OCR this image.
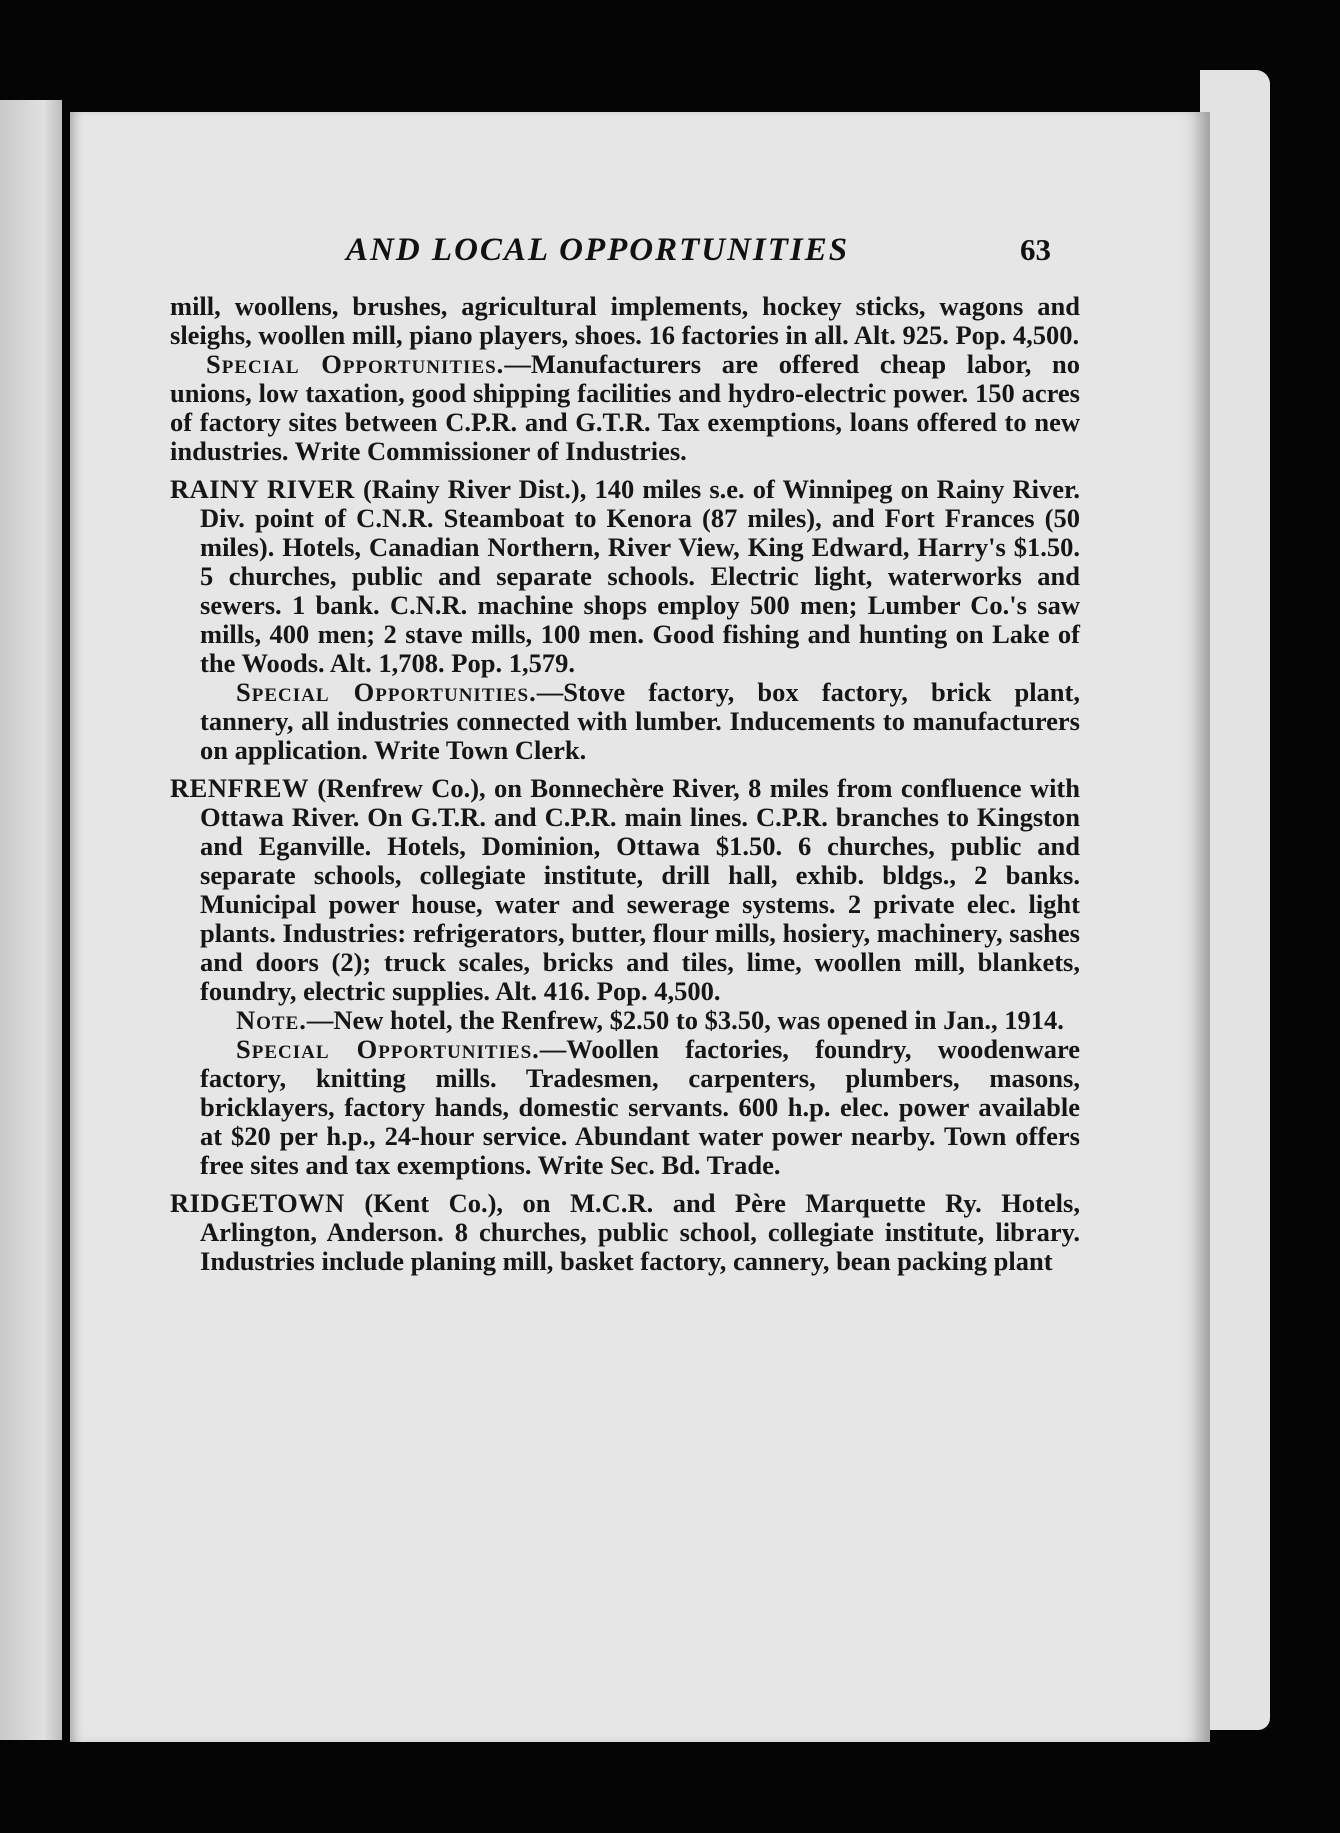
AND LOCAL OPPORTUNITIES	63

mill, woollens, brushes, agricultural implements, hockey sticks, wagons and sleighs, woollen mill, piano players, shoes. 16 factories in all. Alt. 925. Pop. 4,500.

Special Opportunities.—Manufacturers are offered cheap labor, no unions, low taxation, good shipping facilities and hydro-electric power. 150 acres of factory sites between C.P.R. and G.T.R. Tax exemptions, loans offered to new industries. Write Commissioner of Industries.

RAINY RIVER (Rainy River Dist.), 140 miles s.e. of Winnipeg on Rainy River. Div. point of C.N.R. Steamboat to Kenora (87 miles), and Fort Frances (50 miles). Hotels, Canadian Northern, River View, King Edward, Harry's $1.50. 5 churches, public and separate schools. Electric light, waterworks and sewers. 1 bank. C.N.R. machine shops employ 500 men; Lumber Co.'s saw mills, 400 men; 2 stave mills, 100 men. Good fishing and hunting on Lake of the Woods. Alt. 1,708. Pop. 1,579.

Special Opportunities.—Stove factory, box factory, brick plant, tannery, all industries connected with lumber. Inducements to manufacturers on application. Write Town Clerk.

RENFREW (Renfrew Co.), on Bonnechère River, 8 miles from confluence with Ottawa River. On G.T.R. and C.P.R. main lines. C.P.R. branches to Kingston and Eganville. Hotels, Dominion, Ottawa $1.50. 6 churches, public and separate schools, collegiate institute, drill hall, exhib. bldgs., 2 banks. Municipal power house, water and sewerage systems. 2 private elec. light plants. Industries: refrigerators, butter, flour mills, hosiery, machinery, sashes and doors (2); truck scales, bricks and tiles, lime, woollen mill, blankets, foundry, electric supplies. Alt. 416. Pop. 4,500.

Note.—New hotel, the Renfrew, $2.50 to $3.50, was opened in Jan., 1914.

Special Opportunities.—Woollen factories, foundry, woodenware factory, knitting mills. Tradesmen, carpenters, plumbers, masons, bricklayers, factory hands, domestic servants. 600 h.p. elec. power available at $20 per h.p., 24-hour service. Abundant water power nearby. Town offers free sites and tax exemptions. Write Sec. Bd. Trade.

RIDGETOWN (Kent Co.), on M.C.R. and Père Marquette Ry. Hotels, Arlington, Anderson. 8 churches, public school, collegiate institute, library. Industries include planing mill, basket factory, cannery, bean packing plant
